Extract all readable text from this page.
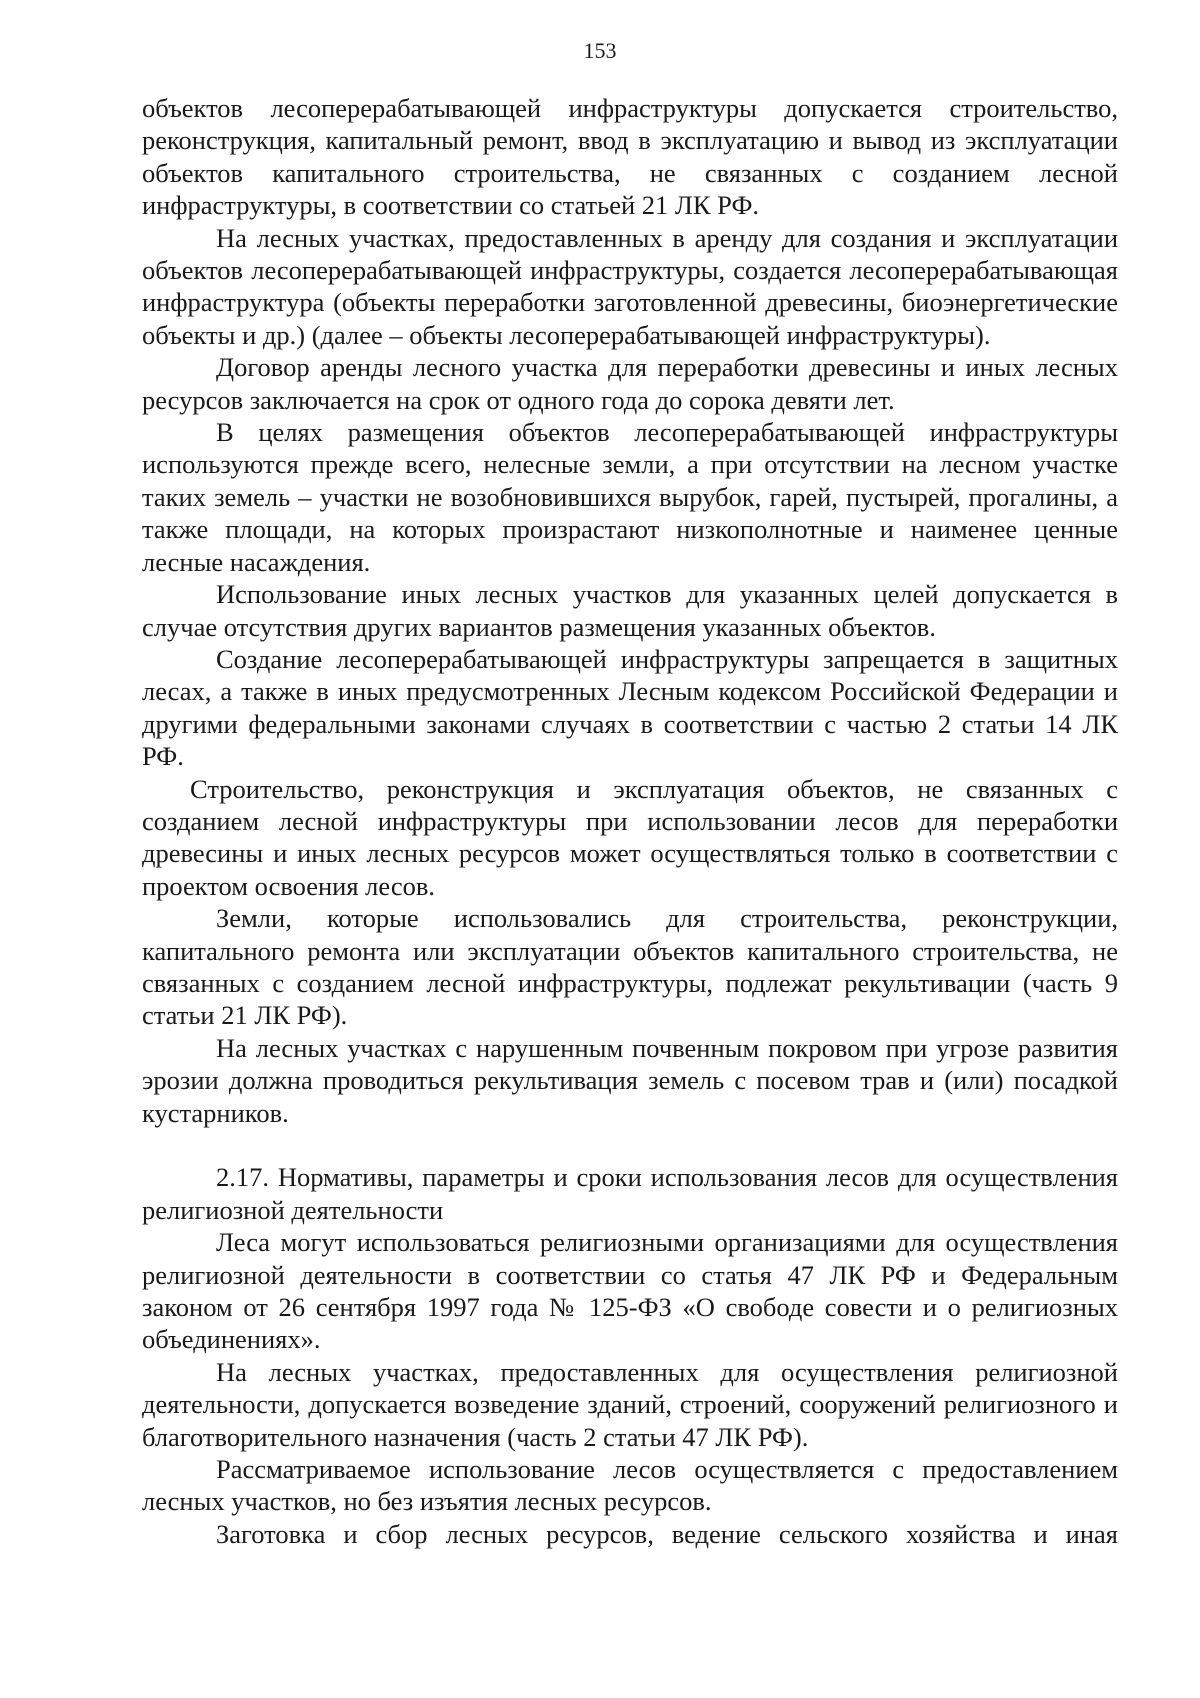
153

объектов лесоперерабатывающей инфраструктуры допускается строительство, реконструкция, капитальный ремонт, ввод в эксплуатацию и вывод из эксплуатации объектов капитального строительства, не связанных с созданием лесной инфраструктуры, в соответствии со статьей 21 ЛК РФ.

На лесных участках, предоставленных в аренду для создания и эксплуатации объектов лесоперерабатывающей инфраструктуры, создается лесоперерабатывающая инфраструктура (объекты переработки заготовленной древесины, биоэнергетические объекты и др.) (далее – объекты лесоперерабатывающей инфраструктуры).

Договор аренды лесного участка для переработки древесины и иных лесных ресурсов заключается на срок от одного года до сорока девяти лет.

В целях размещения объектов лесоперерабатывающей инфраструктуры используются прежде всего, нелесные земли, а при отсутствии на лесном участке таких земель – участки не возобновившихся вырубок, гарей, пустырей, прогалины, а также площади, на которых произрастают низкополнотные и наименее ценные лесные насаждения.

Использование иных лесных участков для указанных целей допускается в случае отсутствия других вариантов размещения указанных объектов.

Создание лесоперерабатывающей инфраструктуры запрещается в защитных лесах, а также в иных предусмотренных Лесным кодексом Российской Федерации и другими федеральными законами случаях в соответствии с частью 2 статьи 14 ЛК РФ.

Строительство, реконструкция и эксплуатация объектов, не связанных с созданием лесной инфраструктуры при использовании лесов для переработки древесины и иных лесных ресурсов может осуществляться только в соответствии с проектом освоения лесов.

Земли, которые использовались для строительства, реконструкции, капитального ремонта или эксплуатации объектов капитального строительства, не связанных с созданием лесной инфраструктуры, подлежат рекультивации (часть 9 статьи 21 ЛК РФ).

На лесных участках с нарушенным почвенным покровом при угрозе развития эрозии должна проводиться рекультивация земель с посевом трав и (или) посадкой кустарников.

2.17. Нормативы, параметры и сроки использования лесов для осуществления религиозной деятельности

Леса могут использоваться религиозными организациями для осуществления религиозной деятельности в соответствии со статья 47 ЛК РФ и Федеральным законом от 26 сентября 1997 года № 125-ФЗ «О свободе совести и о религиозных объединениях».

На лесных участках, предоставленных для осуществления религиозной деятельности, допускается возведение зданий, строений, сооружений религиозного и благотворительного назначения (часть 2 статьи 47 ЛК РФ).

Рассматриваемое использование лесов осуществляется с предоставлением лесных участков, но без изъятия лесных ресурсов.

Заготовка и сбор лесных ресурсов, ведение сельского хозяйства и иная
